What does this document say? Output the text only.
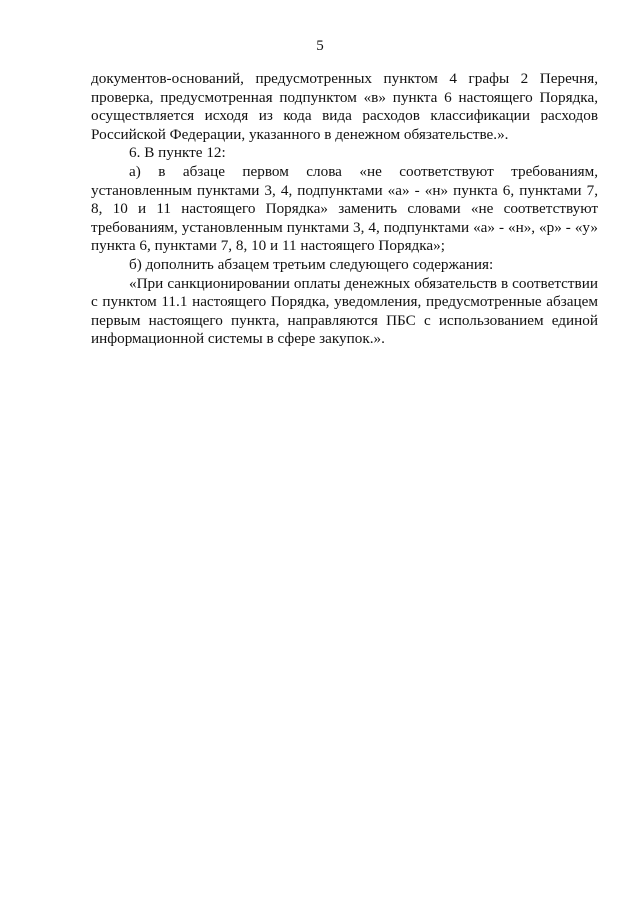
5

документов-оснований, предусмотренных пунктом 4 графы 2 Перечня, проверка, предусмотренная подпунктом «в» пункта 6 настоящего Порядка, осуществляется исходя из кода вида расходов классификации расходов Российской Федерации, указанного в денежном обязательстве.».

6. В пункте 12:

а) в абзаце первом слова «не соответствуют требованиям, установленным пунктами 3, 4, подпунктами «а» - «н» пункта 6, пунктами 7, 8, 10 и 11 настоящего Порядка» заменить словами «не соответствуют требованиям, установленным пунктами 3, 4, подпунктами «а» - «н», «р» - «у» пункта 6, пунктами 7, 8, 10 и 11 настоящего Порядка»;

б) дополнить абзацем третьим следующего содержания:

«При санкционировании оплаты денежных обязательств в соответствии с пунктом 11.1 настоящего Порядка, уведомления, предусмотренные абзацем первым настоящего пункта, направляются ПБС с использованием единой информационной системы в сфере закупок.».
